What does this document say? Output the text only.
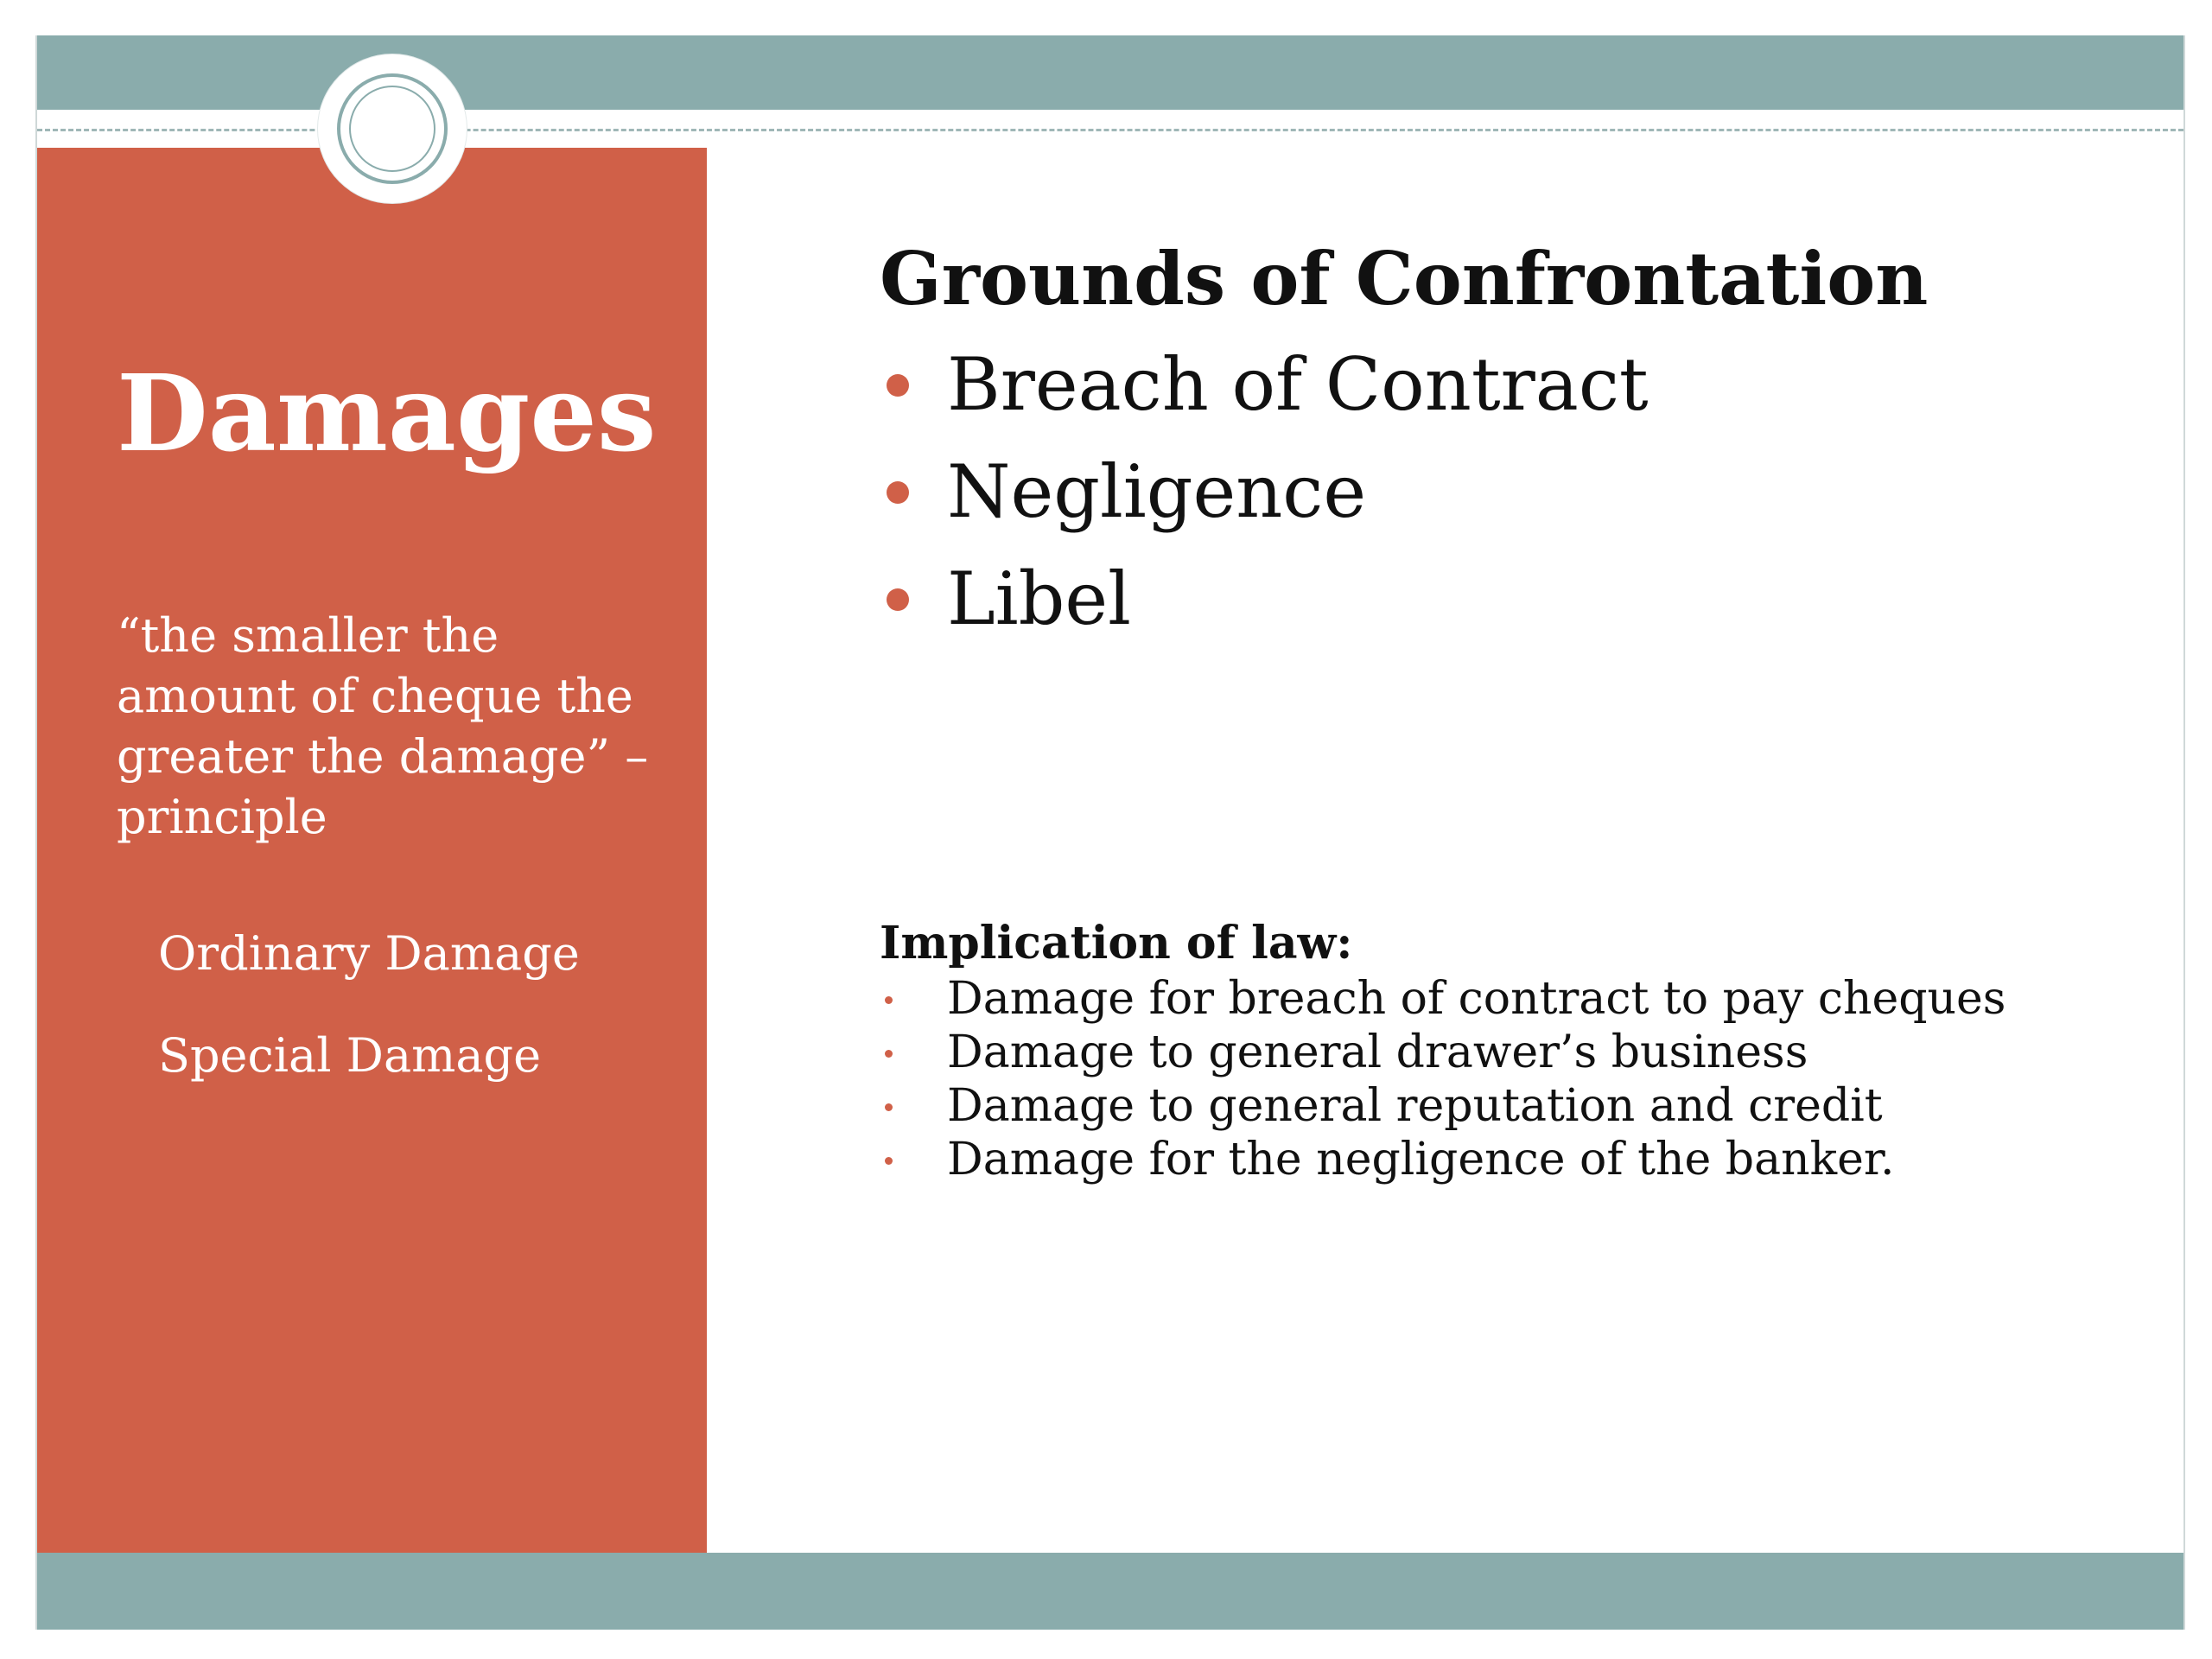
Damages

“the smaller the amount of cheque the greater the damage” – principle

Ordinary Damage
Special Damage
Grounds of Confrontation
Breach of Contract
Negligence
Libel
Implication of law:
Damage for breach of contract to pay cheques
Damage to general drawer’s business
Damage to general reputation and credit
Damage for the negligence of the banker.
